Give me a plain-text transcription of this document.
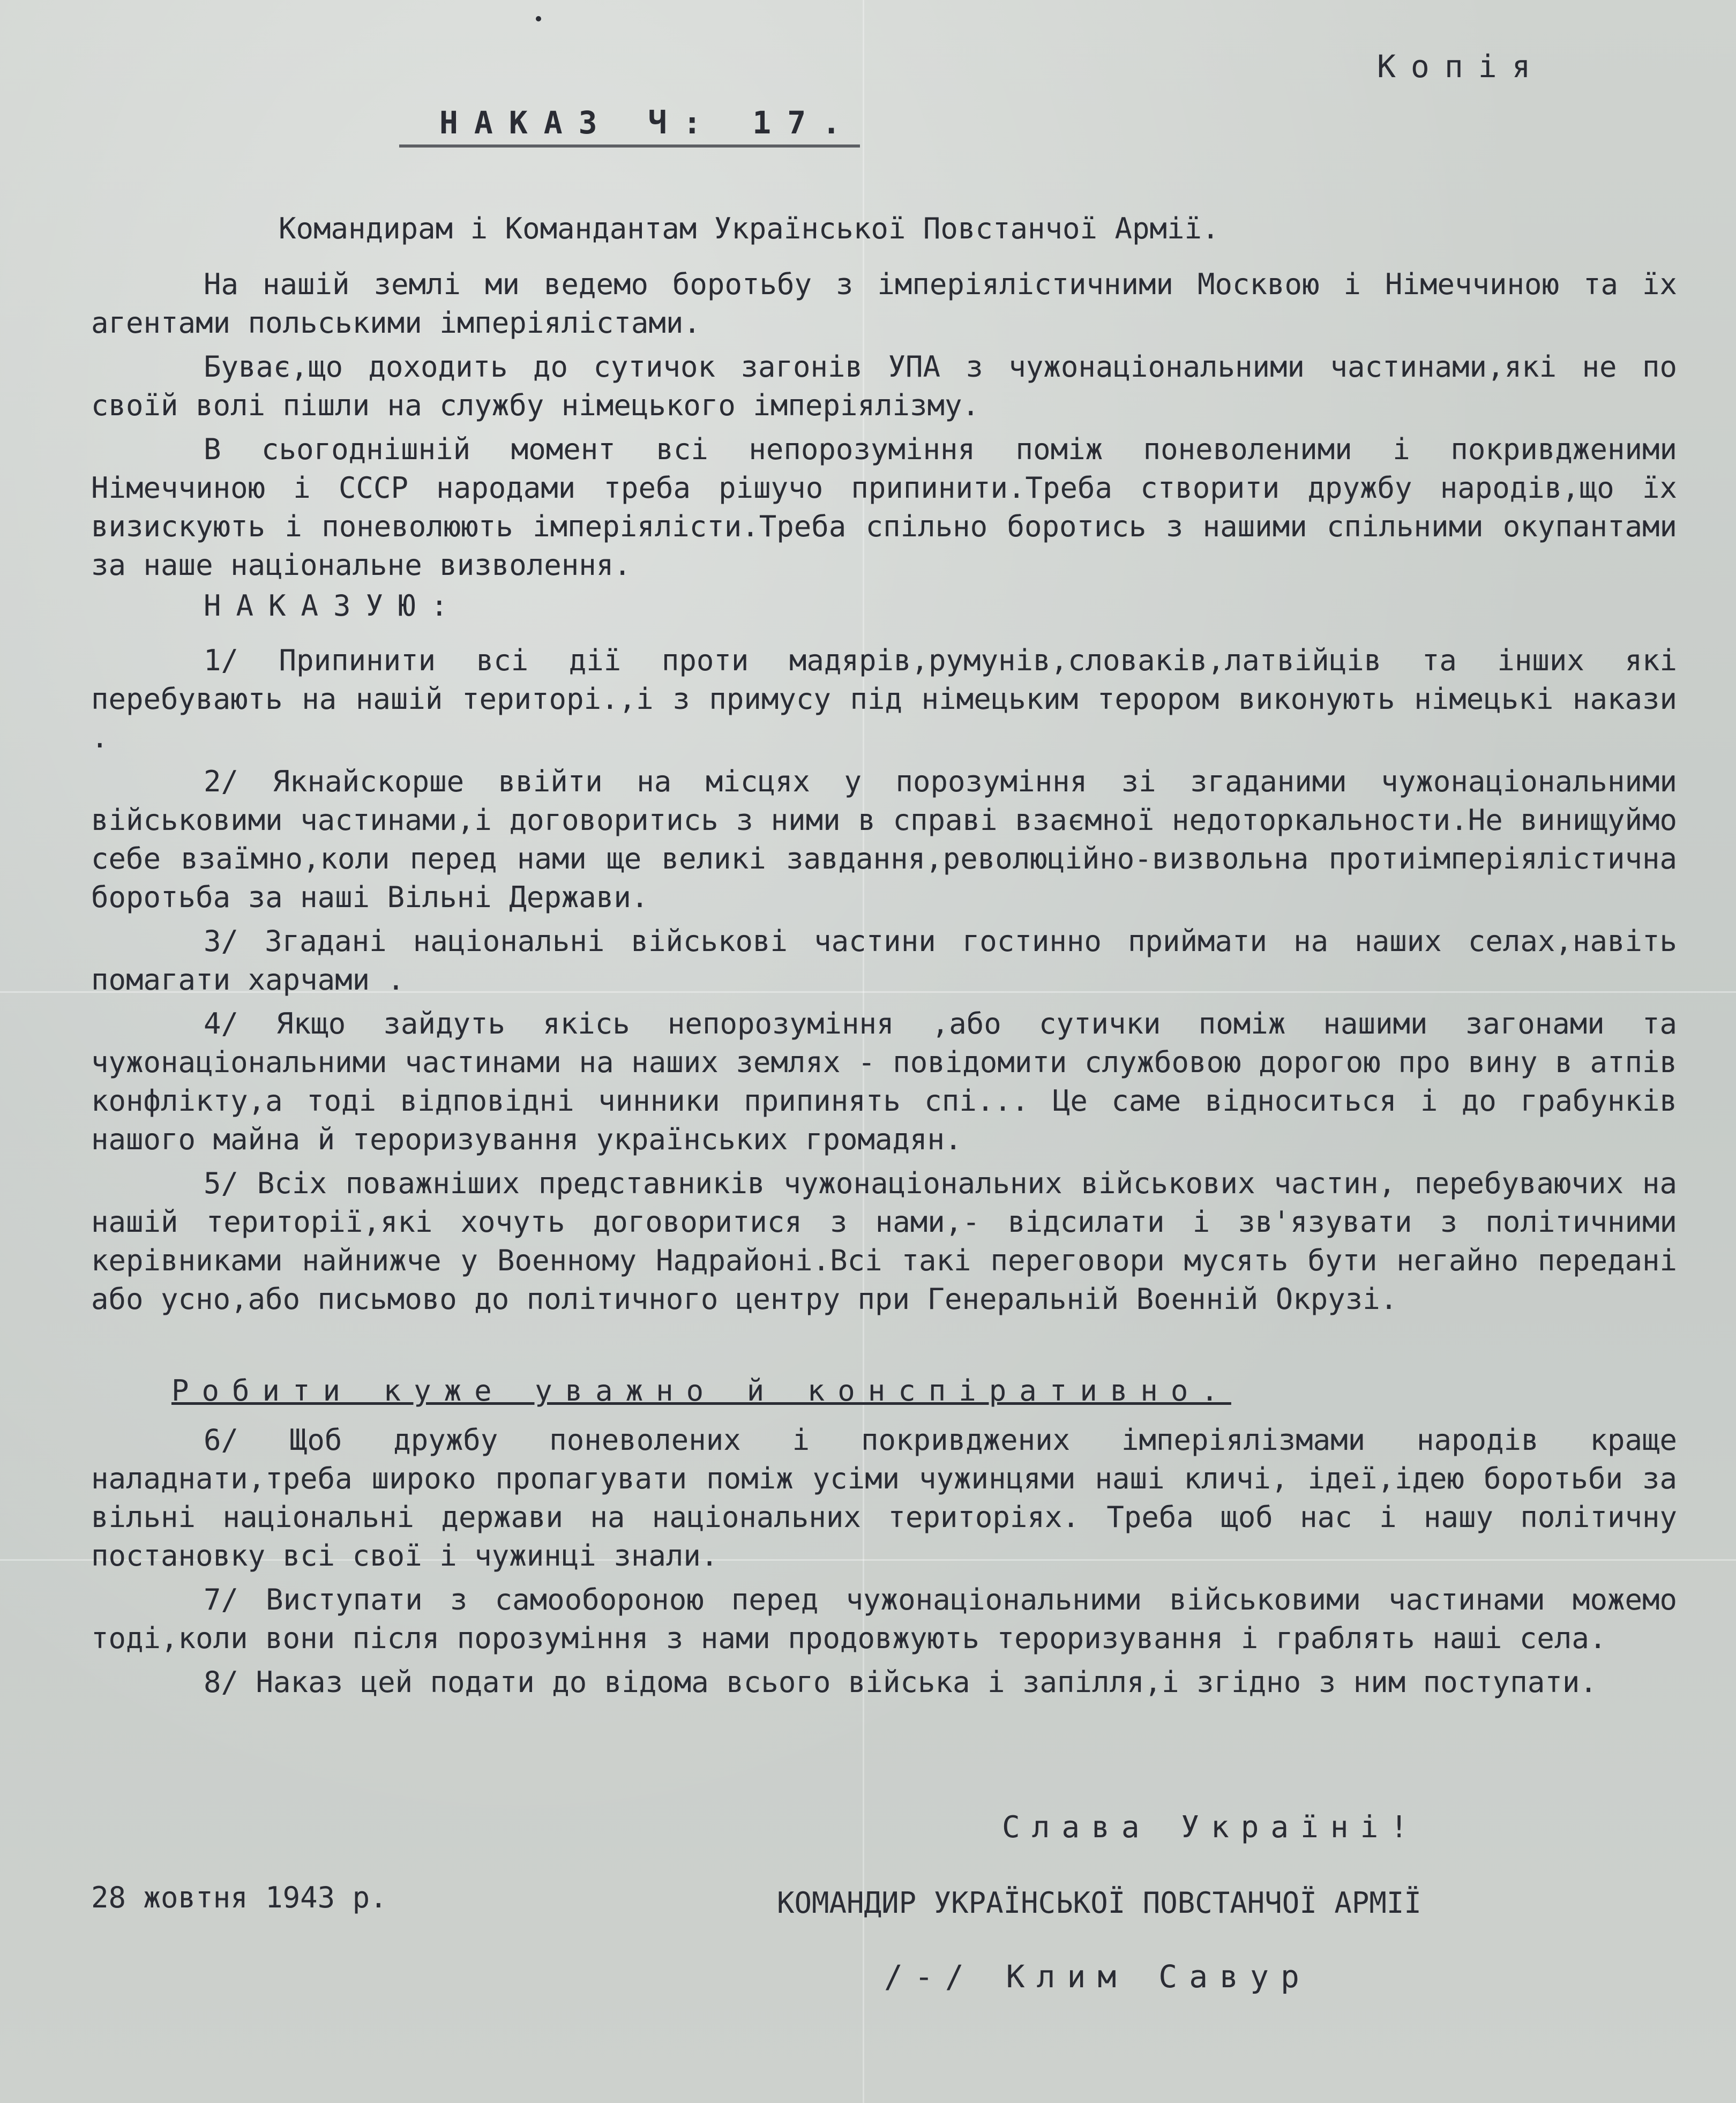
Копія
НАКАЗ Ч: 17.
Командирам і Командантам Української Повстанчої Армії.

На нашій землі ми ведемо боротьбу з імперіялістичними Москвою і Німеччиною та їх агентами польськими імперіялістами.

Буває,що доходить до сутичок загонів УПА з чужонаціональними частинами,які не по своїй волі пішли на службу німецького імперіялізму.

В сьогоднішній момент всі непорозуміння поміж поневоленими і покривдженими Німеччиною і СССР народами треба рішучо припинити.Треба створити дружбу народів,що їх визискують і поневолюють імперіялісти.Треба спільно боротись з нашими спільними окупантами за наше національне визволення.

НАКАЗУЮ:

1/ Припинити всі дії проти мадярів,румунів,словаків,латвійців та інших які перебувають на нашій територі.,і з примусу під німецьким терором виконують німецькі накази .

2/ Якнайскорше ввійти на місцях у порозуміння зі згаданими чужонаціональними військовими частинами,і договоритись з ними в справі взаємної недоторкальности.Не винищуймо себе взаїмно,коли перед нами ще великі завдання,революційно-визвольна протиімперіялістична боротьба за наші Вільні Держави.

3/ Згадані національні військові частини гостинно приймати на наших селах,навіть помагати харчами .

4/ Якщо зайдуть якісь непорозуміння ,або сутички поміж нашими загонами та чужонаціональними частинами на наших землях - повідомити службовою дорогою про вину в атпів конфлікту,а тоді відповідні чинники припинять спі... Це саме відноситься і до грабунків нашого майна й тероризування українських громадян.

5/ Всіх поважніших представників чужонаціональних військових частин, перебуваючих на нашій території,які хочуть договоритися з нами,- відсилати і зв'язувати з політичними керівниками найнижче у Военному Надрайоні.Всі такі переговори мусять бути негайно передані або усно,або письмово до політичного центру при Генеральній Военній Окрузі.

Робити куже уважно й конспіративно.

6/ Щоб дружбу поневолених і покривджених імперіялізмами народів краще наладнати,треба широко пропагувати поміж усіми чужинцями наші кличі, ідеї,ідею боротьби за вільні національні держави на національних територіях. Треба щоб нас і нашу політичну постановку всі свої і чужинці знали.

7/ Виступати з самообороною перед чужонаціональними військовими частинами можемо тоді,коли вони після порозуміння з нами продовжують тероризування і граблять наші села.

8/ Наказ цей подати до відома всього війська і запілля,і згідно з ним поступати.

Слава Україні!
28 жовтня 1943 р.	КОМАНДИР УКРАЇНСЬКОЇ ПОВСТАНЧОЇ АРМІЇ
/-/ Клим Савур
